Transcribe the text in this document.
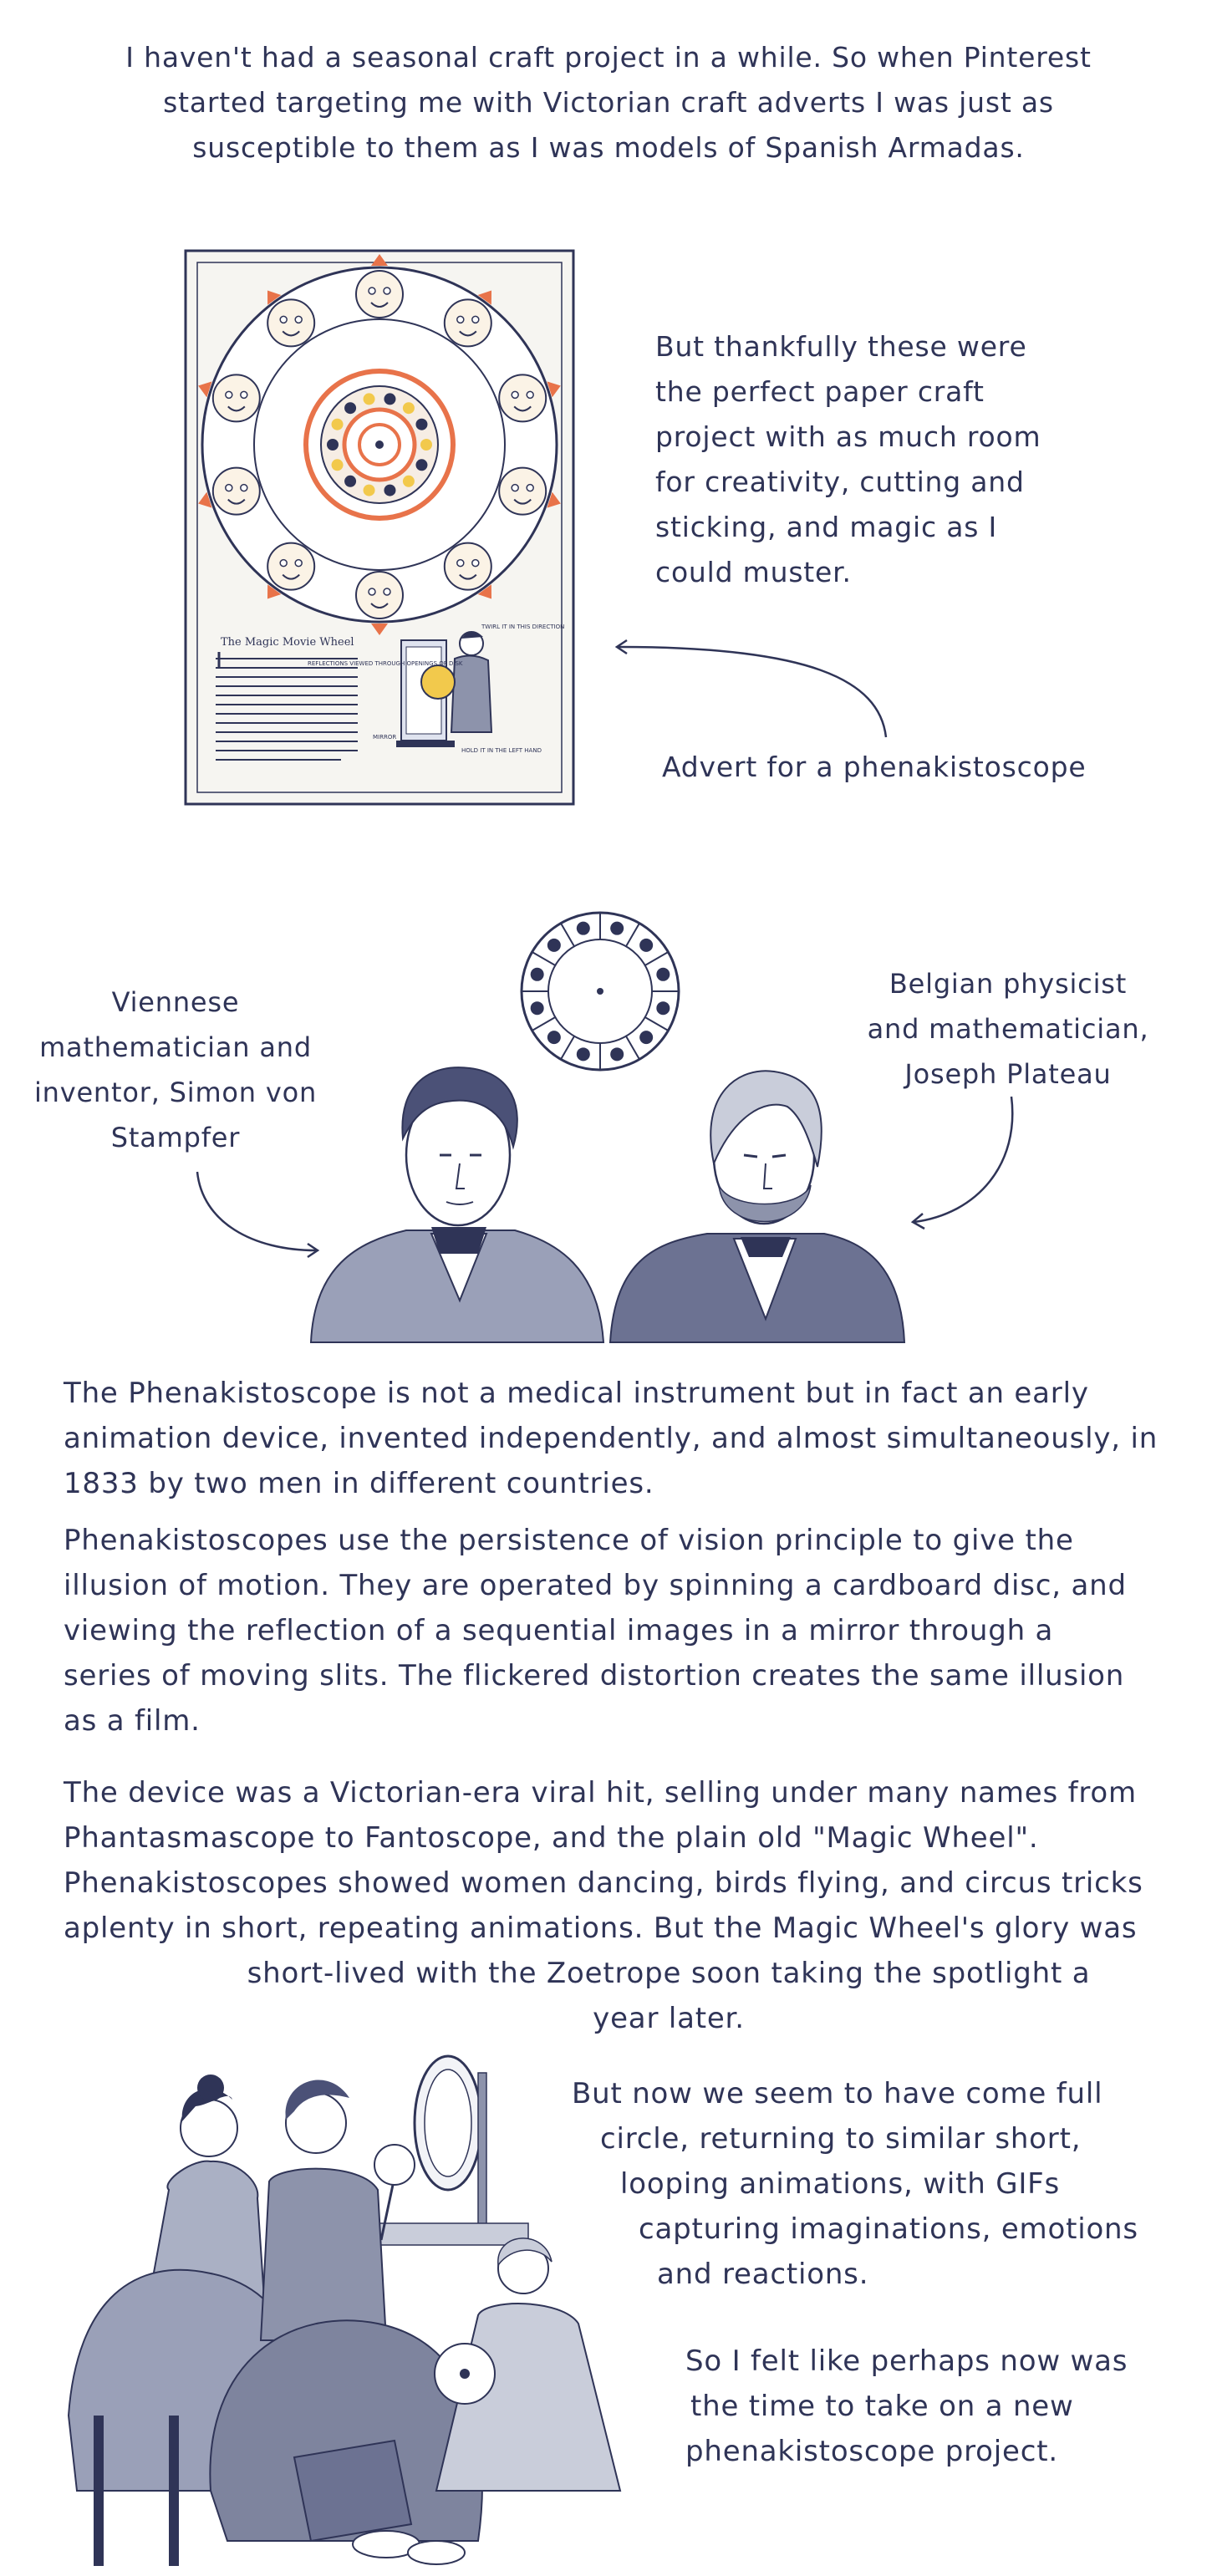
I haven't had a seasonal craft project in a while. So when Pinterest
started targeting me with Victorian craft adverts I was just as
susceptible to them as I was models of Spanish Armadas.
The Magic Movie Wheel
TWIRL IT IN THIS DIRECTION
REFLECTIONS VIEWED THROUGH OPENINGS OF DISK
MIRROR
HOLD IT IN THE LEFT HAND
But thankfully these were
the perfect paper craft
project with as much room
for creativity, cutting and
sticking, and magic as I
could muster.
Advert for a phenakistoscope
Viennese
mathematician and
inventor, Simon von
Stampfer
Belgian physicist
and mathematician,
Joseph Plateau
The Phenakistoscope is not a medical instrument but in fact an early
animation device, invented independently, and almost simultaneously, in
1833 by two men in different countries.
Phenakistoscopes use the persistence of vision principle to give the
illusion of motion. They are operated by spinning a cardboard disc, and
viewing the reflection of a sequential images in a mirror through a
series of moving slits. The flickered distortion creates the same illusion
as a film.
The device was a Victorian-era viral hit, selling under many names from
Phantasmascope to Fantoscope, and the plain old "Magic Wheel".
Phenakistoscopes showed women dancing, birds flying, and circus tricks
aplenty in short, repeating animations. But the Magic Wheel's glory was
short-lived with the Zoetrope soon taking the spotlight a
year later.
But now we seem to have come full
circle, returning to similar short,
looping animations, with GIFs
capturing imaginations, emotions
and reactions.
So I felt like perhaps now was
the time to take on a new
phenakistoscope project.
